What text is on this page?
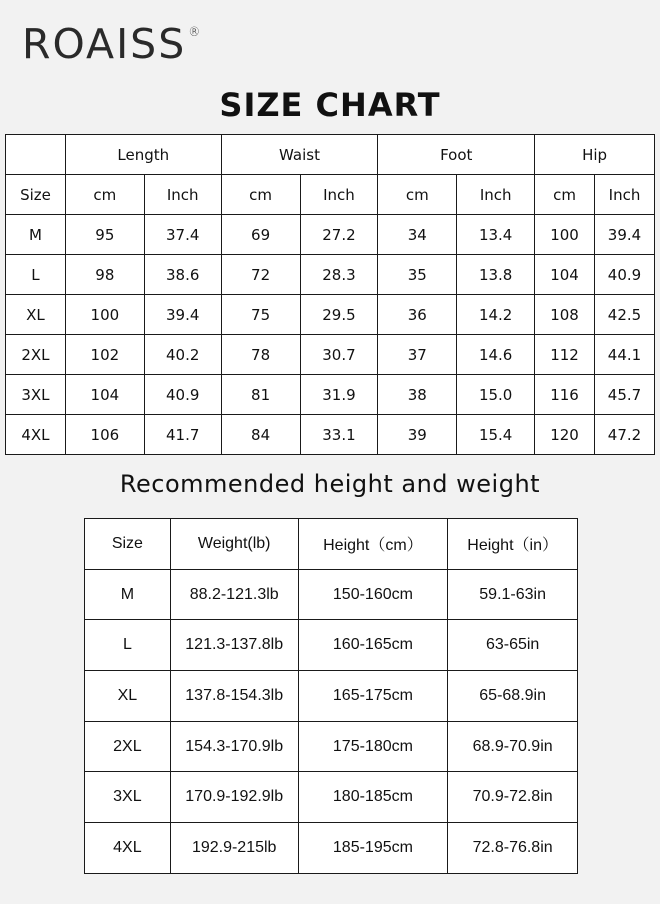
ROAISS ®
SIZE CHART
	Length		Waist		Foot		Hip	
Size	cm	Inch	cm	Inch	cm	Inch	cm	Inch
M	95	37.4	69	27.2	34	13.4	100	39.4
L	98	38.6	72	28.3	35	13.8	104	40.9
XL	100	39.4	75	29.5	36	14.2	108	42.5
2XL	102	40.2	78	30.7	37	14.6	112	44.1
3XL	104	40.9	81	31.9	38	15.0	116	45.7
4XL	106	41.7	84	33.1	39	15.4	120	47.2
Recommended height and weight
Size	Weight(lb)	Height（cm）	Height（in）
M	88.2-121.3lb	150-160cm	59.1-63in
L	121.3-137.8lb	160-165cm	63-65in
XL	137.8-154.3lb	165-175cm	65-68.9in
2XL	154.3-170.9lb	175-180cm	68.9-70.9in
3XL	170.9-192.9lb	180-185cm	70.9-72.8in
4XL	192.9-215lb	185-195cm	72.8-76.8in
